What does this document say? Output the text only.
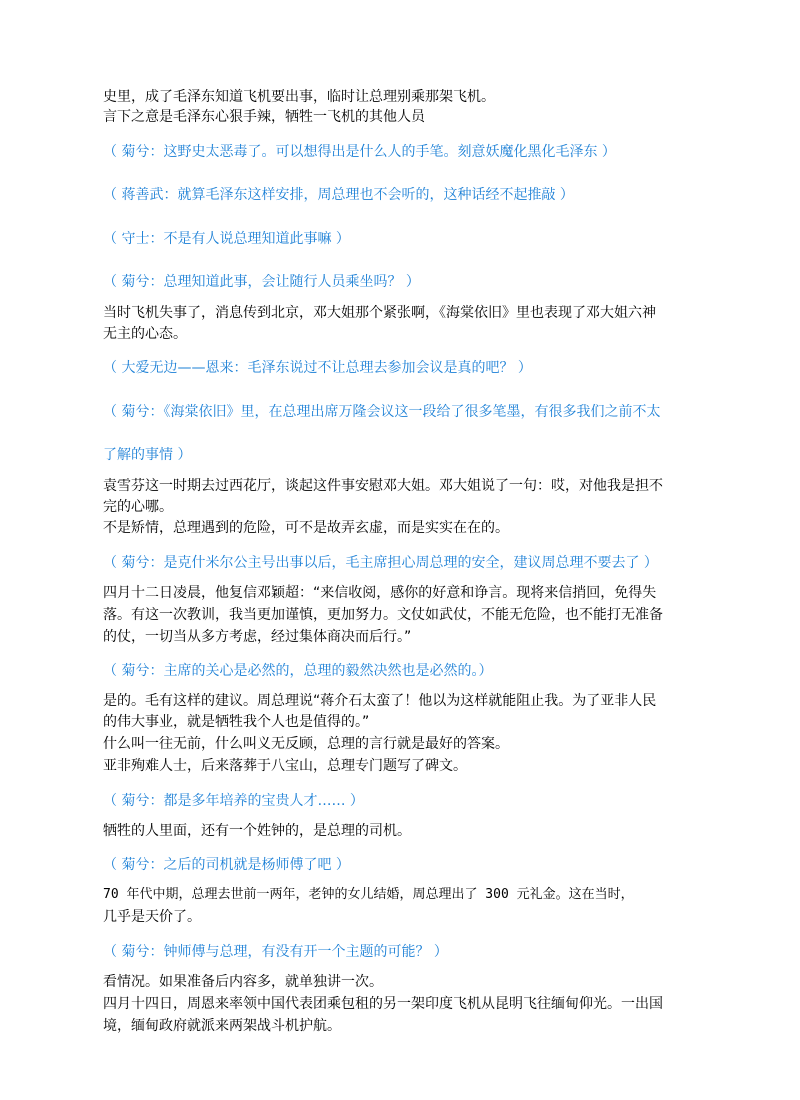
史里，成了毛泽东知道飞机要出事，临时让总理别乘那架飞机。
言下之意是毛泽东心狠手辣，牺牲一飞机的其他人员
（ 菊兮：这野史太恶毒了。可以想得出是什么人的手笔。刻意妖魔化黑化毛泽东 ）
（ 蒋善武：就算毛泽东这样安排，周总理也不会听的，这种话经不起推敲 ）
（ 守士：不是有人说总理知道此事嘛 ）
（ 菊兮：总理知道此事，会让随行人员乘坐吗？ ）
当时飞机失事了，消息传到北京，邓大姐那个紧张啊，《海棠依旧》里也表现了邓大姐六神
无主的心态。
（ 大爱无边——恩来：毛泽东说过不让总理去参加会议是真的吧？ ）
（ 菊兮：《海棠依旧》里，在总理出席万隆会议这一段给了很多笔墨，有很多我们之前不太
了解的事情 ）
袁雪芬这一时期去过西花厅，谈起这件事安慰邓大姐。邓大姐说了一句：哎，对他我是担不
完的心哪。
不是矫情，总理遇到的危险，可不是故弄玄虚，而是实实在在的。
（ 菊兮：是克什米尔公主号出事以后，毛主席担心周总理的安全，建议周总理不要去了 ）
四月十二日凌晨，他复信邓颖超：“来信收阅，感你的好意和诤言。现将来信捎回，免得失
落。有这一次教训，我当更加谨慎，更加努力。文仗如武仗，不能无危险，也不能打无准备
的仗，一切当从多方考虑，经过集体商决而后行。”
（ 菊兮：主席的关心是必然的，总理的毅然决然也是必然的。）
是的。毛有这样的建议。周总理说“蒋介石太蛮了！他以为这样就能阻止我。为了亚非人民
的伟大事业，就是牺牲我个人也是值得的。”
什么叫一往无前，什么叫义无反顾，总理的言行就是最好的答案。
亚非殉难人士，后来落葬于八宝山，总理专门题写了碑文。
（ 菊兮：都是多年培养的宝贵人才…… ）
牺牲的人里面，还有一个姓钟的，是总理的司机。
（ 菊兮：之后的司机就是杨师傅了吧 ）
70 年代中期，总理去世前一两年，老钟的女儿结婚，周总理出了 300 元礼金。这在当时，
几乎是天价了。
（ 菊兮：钟师傅与总理，有没有开一个主题的可能？ ）
看情况。如果准备后内容多，就单独讲一次。
四月十四日，周恩来率领中国代表团乘包租的另一架印度飞机从昆明飞往缅甸仰光。一出国
境，缅甸政府就派来两架战斗机护航。
